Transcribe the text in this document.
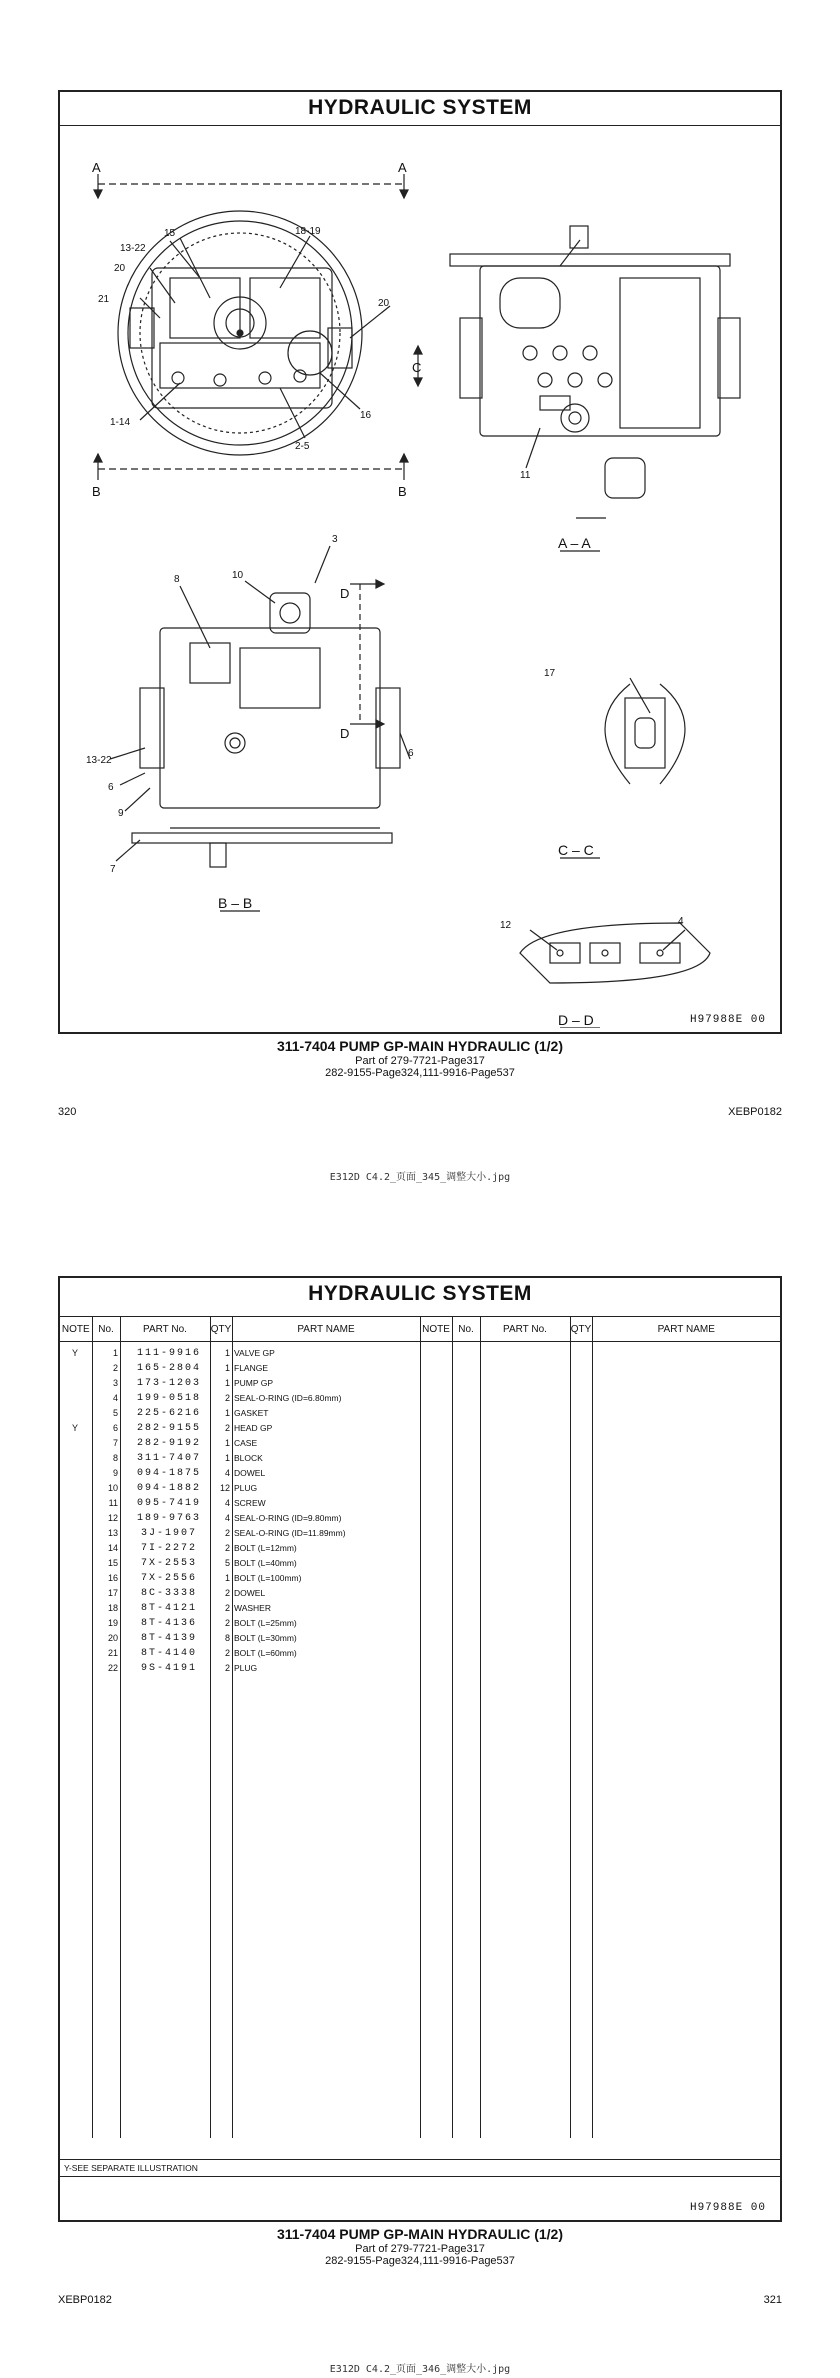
HYDRAULIC SYSTEM
A	A
B	B
C
D
D
15
13-22
18-19
20
20
21
1-14
2-5
16
11
3
8	10
13-22
6
6
9
7
17
12	4
A – A
B – B
C – C
D – D	H97988E 00
311-7404 PUMP GP-MAIN HYDRAULIC (1/2)
Part of 279-7721-Page317
282-9155-Page324,111-9916-Page537
320	XEBP0182
E312D C4.2_页面_345_调整大小.jpg
HYDRAULIC SYSTEM
NOTE	No.	PART No.	QTY	PART NAME	NOTE	No.	PART No.	QTY	PART NAME
Y	1	111-9916	1 VALVE GP
2	165-2804	1 FLANGE
3	173-1203	1 PUMP GP
4	199-0518	2 SEAL-O-RING (ID=6.80mm)
5	225-6216	1 GASKET
Y	6	282-9155	2 HEAD GP
7	282-9192	1 CASE
8	311-7407	1 BLOCK
9	094-1875	4 DOWEL
10	094-1882	12 PLUG
11	095-7419	4 SCREW
12	189-9763	4 SEAL-O-RING (ID=9.80mm)
13	3J-1907	2 SEAL-O-RING (ID=11.89mm)
14	7I-2272	2 BOLT (L=12mm)
15	7X-2553	5 BOLT (L=40mm)
16	7X-2556	1 BOLT (L=100mm)
17	8C-3338	2 DOWEL
18	8T-4121	2 WASHER
19	8T-4136	2 BOLT (L=25mm)
20	8T-4139	8 BOLT (L=30mm)
21	8T-4140	2 BOLT (L=60mm)
22	9S-4191	2 PLUG
Y-SEE SEPARATE ILLUSTRATION
H97988E 00
311-7404 PUMP GP-MAIN HYDRAULIC (1/2)
Part of 279-7721-Page317
282-9155-Page324,111-9916-Page537
XEBP0182	321
E312D C4.2_页面_346_调整大小.jpg
